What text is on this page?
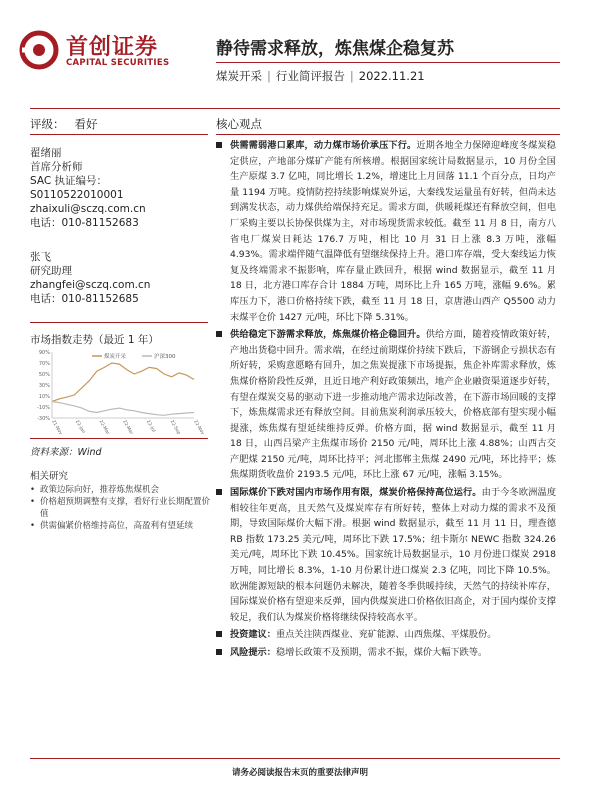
首创证券
CAPITAL SECURITIES
静待需求释放，炼焦煤企稳复苏
煤炭开采 | 行业简评报告 | 2022.11.21
评级： 看好
翟绪丽
首席分析师
SAC 执证编号：
S0110522010001
zhaixuli@sczq.com.cn
电话：010-81152683
张飞
研究助理
zhangfei@sczq.com.cn
电话：010-81152685
市场指数走势（最近 1 年）
90%
70%
50%
30%
10%
-10%
-30%
21-Nov	22-Jan	22-Mar	22-May 22-Jul	22-Sep	22-Nov
煤炭开采	沪深300
资料来源：Wind
相关研究
• 政策边际向好，推荐炼焦煤机会
• 价格超预期调整有支撑，看好行业长期配置价值
• 供需偏紧价格维持高位，高盈利有望延续
核心观点
供需需弱港口累库，动力煤市场价承压下行。近期各地全力保障迎峰度冬煤炭稳定供应，产地部分煤矿产能有所核增。根据国家统计局数据显示，10 月份全国生产原煤 3.7 亿吨，同比增长 1.2%，增速比上月回落 11.1 个百分点，日均产量 1194 万吨。疫情防控持续影响煤炭外运，大秦线发运量虽有好转，但尚未达到满发状态，动力煤供给端保持充足。需求方面，供暖耗煤还有释放空间，但电厂采购主要以长协保供煤为主，对市场现货需求较低。截至 11 月 8 日，南方八省电厂煤炭日耗达 176.7 万吨，相比 10 月 31 日上涨 8.3 万吨，涨幅 4.93%。需求端伴随气温降低有望继续保持上升。港口库存端，受大秦线运力恢复及终端需求不振影响，库存量止跌回升，根据 wind 数据显示，截至 11 月 18 日，北方港口库存合计 1884 万吨，周环比上升 165 万吨，涨幅 9.6%。累库压力下，港口价格持续下跌，截至 11 月 18 日，京唐港山西产 Q5500 动力末煤平仓价 1427 元/吨，环比下降 5.31%。
供给稳定下游需求释放，炼焦煤价格企稳回升。供给方面，随着疫情政策好转，产地出货稳中回升。需求端，在经过前期煤价持续下跌后，下游钢企亏损状态有所好转，采购意愿略有回升，加之焦炭提涨下市场提振，焦企补库需求释放，炼焦煤价格阶段性反弹，且近日地产利好政策频出，地产企业融资渠道逐步好转，有望在煤炭交易的驱动下进一步推动地产需求边际改善，在下游市场回暖的支撑下，炼焦煤需求还有释放空间。目前焦炭利润承压较大，价格底部有望实现小幅提涨，炼焦煤有望延续维持反弹。价格方面，据 wind 数据显示，截至 11 月 18 日，山西吕梁产主焦煤市场价 2150 元/吨，周环比上涨 4.88%；山西古交产肥煤 2150 元/吨，周环比持平；河北邯郸主焦煤 2490 元/吨，环比持平；炼焦煤期货收盘价 2193.5 元/吨，环比上涨 67 元/吨，涨幅 3.15%。
国际煤价下跌对国内市场作用有限，煤炭价格保持高位运行。由于今冬欧洲温度相较往年更高，且天然气及煤炭库存有所好转，整体上对动力煤的需求不及预期，导致国际煤价大幅下滑。根据 wind 数据显示，截至 11 月 11 日，理查德 RB 指数 173.25 美元/吨，周环比下跌 17.5%；纽卡斯尔 NEWC 指数 324.26 美元/吨，周环比下跌 10.45%。国家统计局数据显示，10 月份进口煤炭 2918 万吨，同比增长 8.3%，1-10 月份累计进口煤炭 2.3 亿吨，同比下降 10.5%。欧洲能源短缺的根本问题仍未解决，随着冬季供暖持续，天然气的持续补库存，国际煤炭价格有望迎来反弹，国内供煤炭进口价格依旧高企，对于国内煤价支撑较足，我们认为煤炭价格将继续保持较高水平。
投资建议：重点关注陕西煤业、兖矿能源、山西焦煤、平煤股份。
风险提示：稳增长政策不及预期，需求不振，煤价大幅下跌等。
请务必阅读报告末页的重要法律声明
